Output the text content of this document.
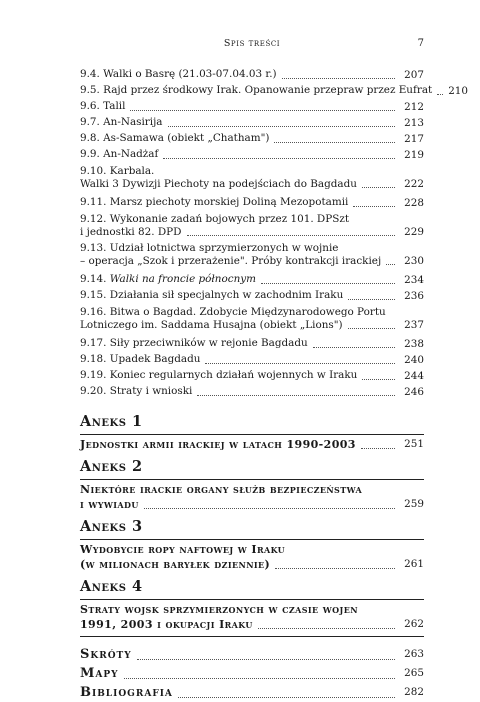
Spis treści	7
9.4. Walki o Basrę (21.03-07.04.03 r.)	207
9.5. Rajd przez środkowy Irak. Opanowanie przepraw przez Eufrat 210
9.6. Talil	212
9.7. An-Nasirija	213
9.8. As-Samawa (obiekt „Chatham")	217
9.9. An-Nadżaf	219
9.10. Karbala.
Walki 3 Dywizji Piechoty na podejściach do Bagdadu	222
9.11. Marsz piechoty morskiej Doliną Mezopotamii	228
9.12. Wykonanie zadań bojowych przez 101. DPSzt
i jednostki 82. DPD	229
9.13. Udział lotnictwa sprzymierzonych w wojnie
– operacja „Szok i przerażenie". Próby kontrakcji irackiej	230
9.14. Walki na froncie północnym	234
9.15. Działania sił specjalnych w zachodnim Iraku	236
9.16. Bitwa o Bagdad. Zdobycie Międzynarodowego Portu
Lotniczego im. Saddama Husajna (obiekt „Lions")	237
9.17. Siły przeciwników w rejonie Bagdadu	238
9.18. Upadek Bagdadu	240
9.19. Koniec regularnych działań wojennych w Iraku	244
9.20. Straty i wnioski	246
Aneks 1
Jednostki armii irackiej w latach 1990-2003	251
Aneks 2
Niektóre irackie organy służb bezpieczeństwa
i wywiadu	259
Aneks 3
Wydobycie ropy naftowej w Iraku
(w milionach baryłek dziennie)	261
Aneks 4
Straty wojsk sprzymierzonych w czasie wojen
1991, 2003 i okupacji Iraku	262
Skróty	263
Mapy	265
Bibliografia	282
